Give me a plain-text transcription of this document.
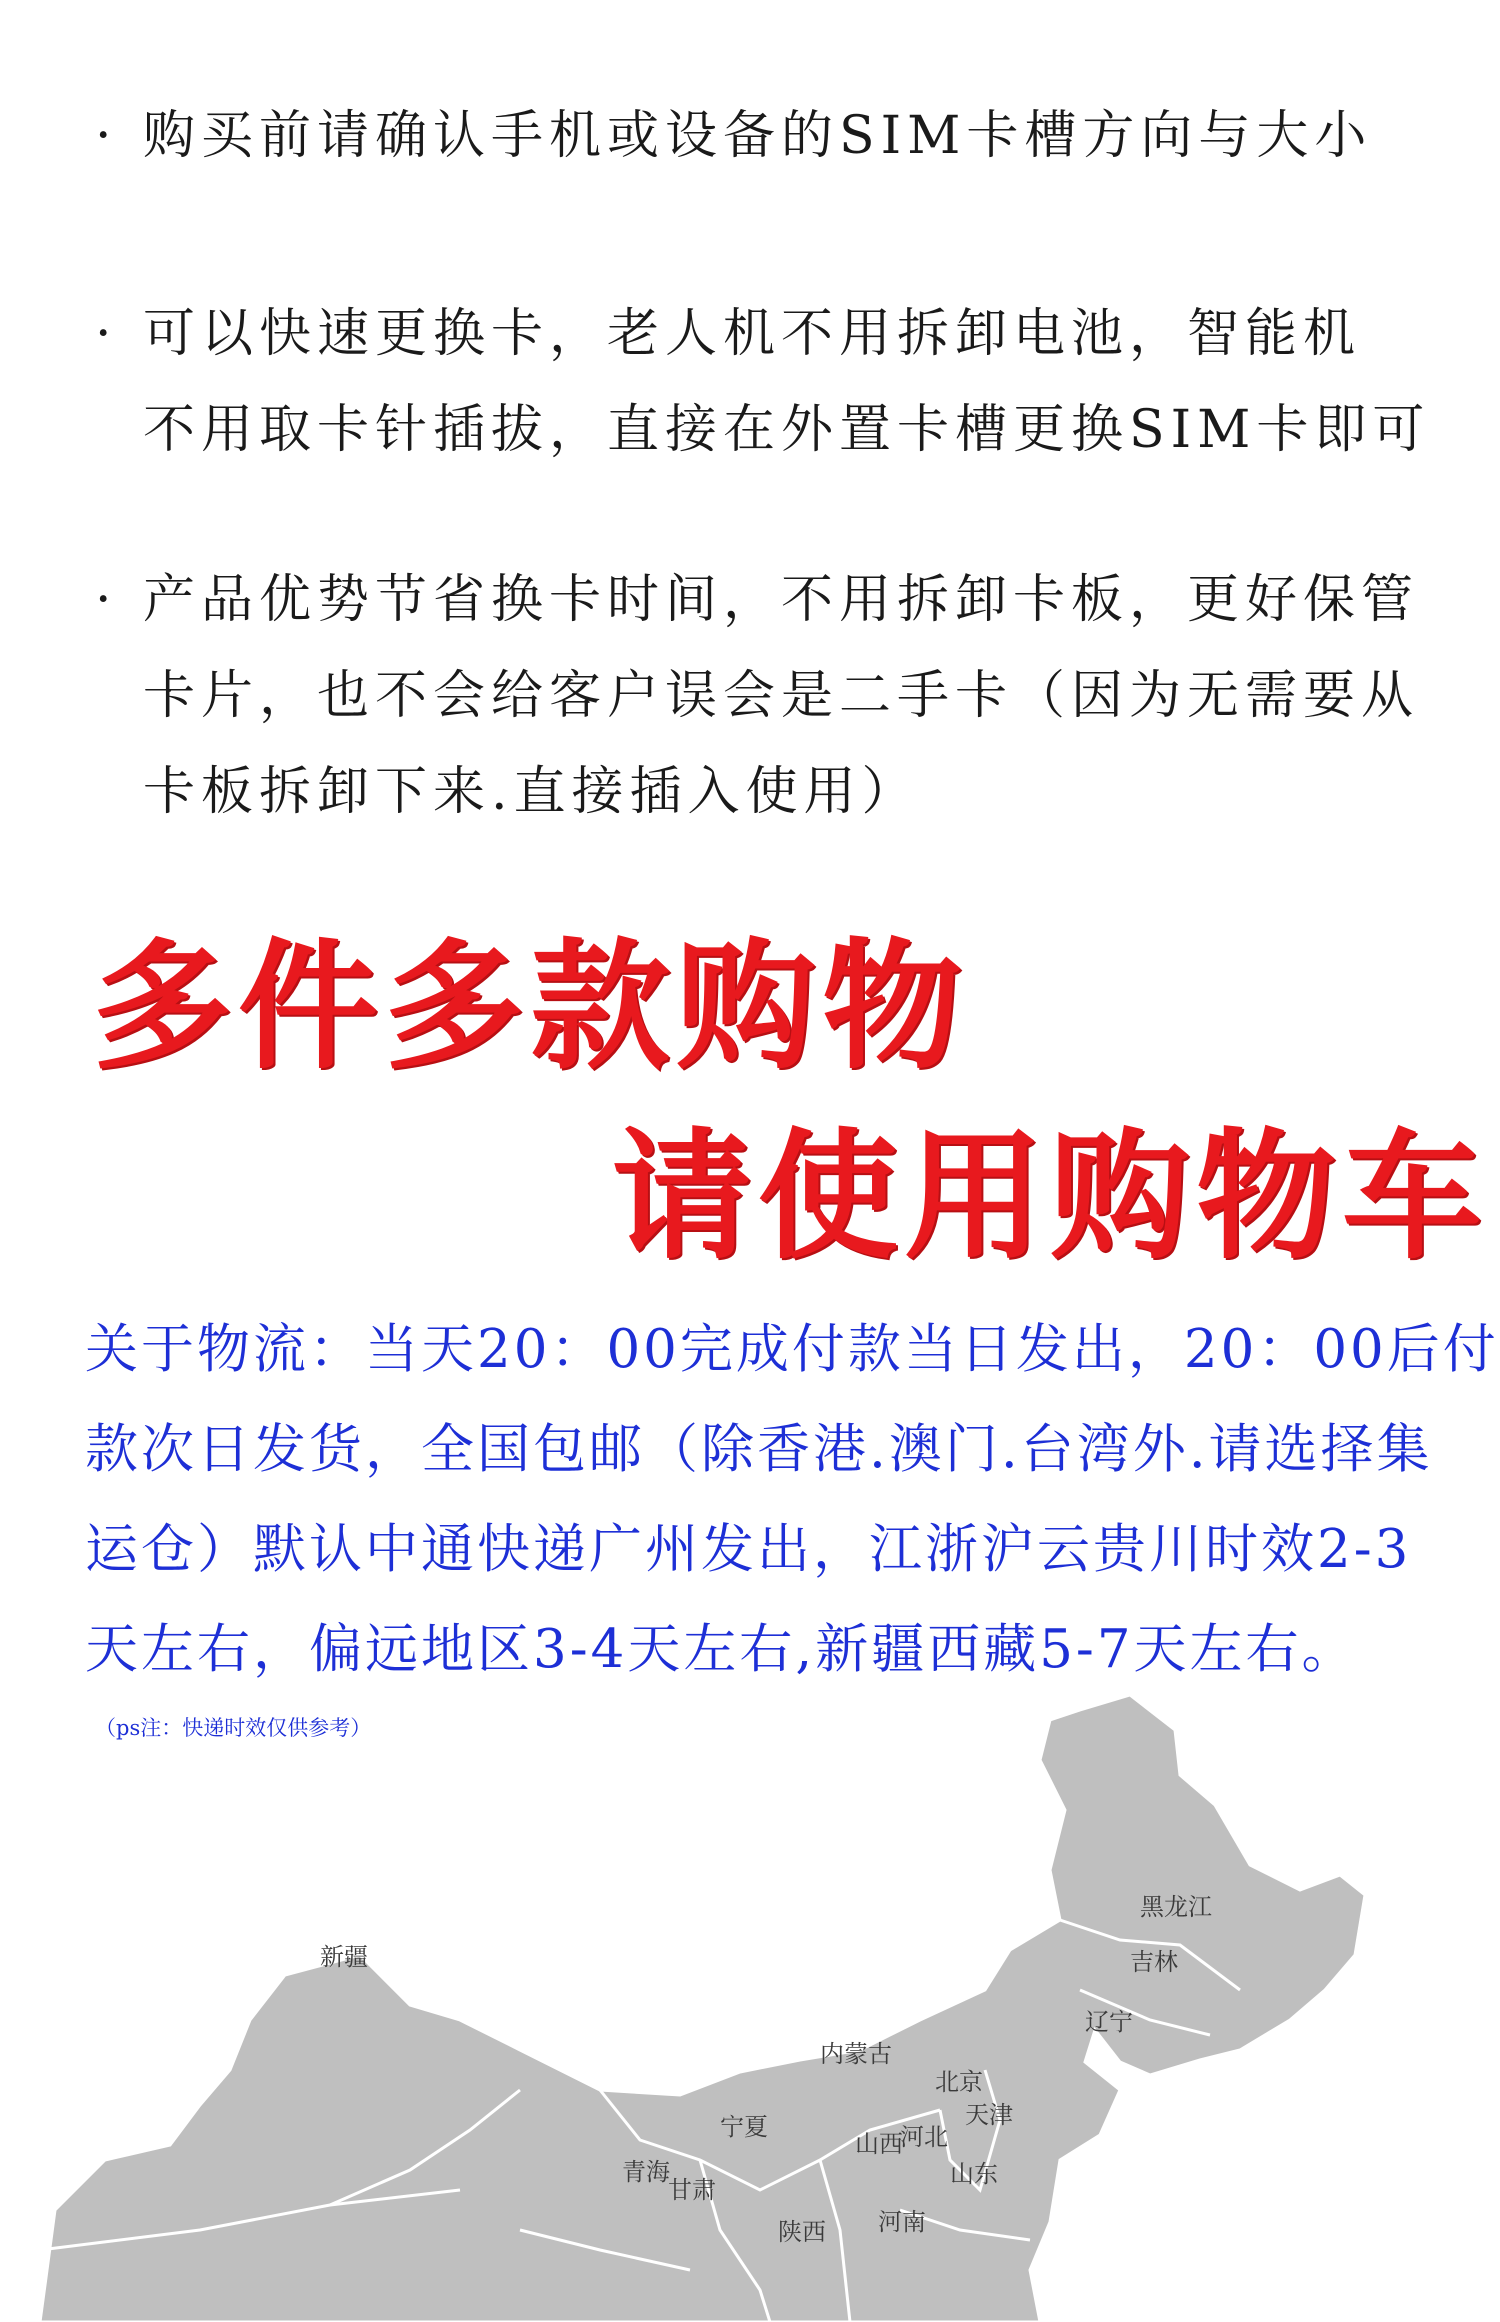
· 购买前请确认手机或设备的SIM卡槽方向与大小
· 可以快速更换卡，老人机不用拆卸电池，智能机
不用取卡针插拔，直接在外置卡槽更换SIM卡即可
· 产品优势节省换卡时间，不用拆卸卡板，更好保管
卡片，也不会给客户误会是二手卡（因为无需要从
卡板拆卸下来.直接插入使用）
多件多款购物
请使用购物车
关于物流：当天20：00完成付款当日发出，20：00后付
款次日发货，全国包邮（除香港.澳门.台湾外.请选择集
运仓）默认中通快递广州发出，江浙沪云贵川时效2-3
天左右，偏远地区3-4天左右,新疆西藏5-7天左右。
黑龙江
吉林
辽宁
新疆
内蒙古
北京
天津
宁夏
山西
河北
青海
甘肃
山东
陕西 河南
（ps注：快递时效仅供参考）
